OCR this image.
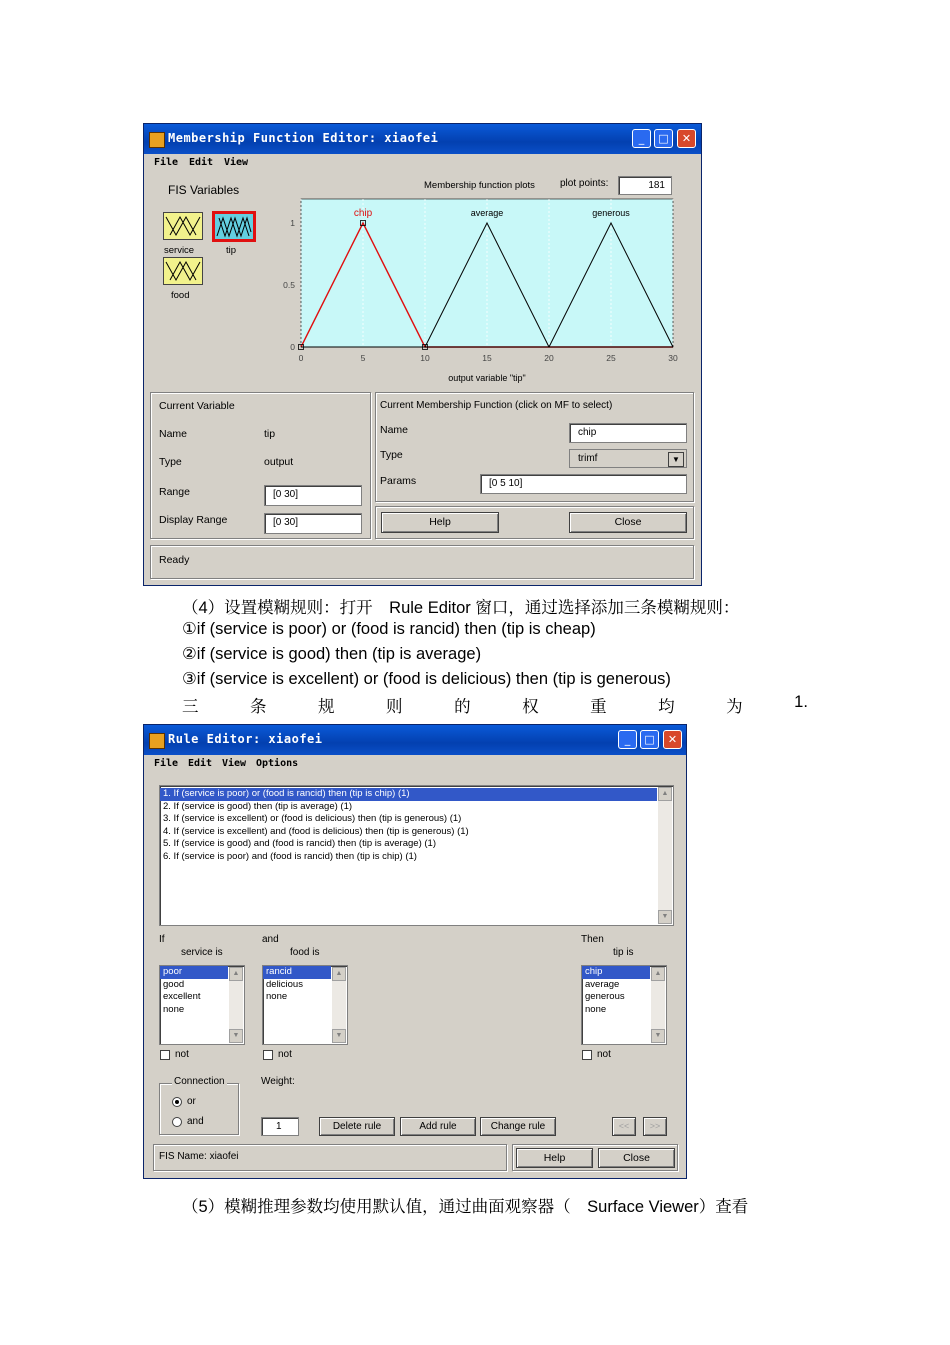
Membership Function Editor: xiaofei	_	□	✕
File Edit View
FIS Variables
service	tip
food
Membership function plots	plot points:	181
0	5	10	15	20	25	30
0
0.5
1
chip	average	generous
output variable "tip"
Current Variable
Name	tip
Type	output
Range	[0 30]
Display Range	[0 30]
Current Membership Function (click on MF to select)
Name	chip
Type	trimf	▼
Params	[0 5 10]
Help	Close
Ready
（4）设置模糊规则：打开　Rule Editor 窗口，通过选择添加三条模糊规则：
①if (service is poor) or (food is rancid) then (tip is cheap)
②if (service is good) then (tip is average)
③if (service is excellent) or (food is delicious) then (tip is generous)
三	条	规	则	的	权	重	均	为	1.
Rule Editor: xiaofei	_	□	✕
File Edit View Options
1. If (service is poor) or (food is rancid) then (tip is chip) (1)
2. If (service is good) then (tip is average) (1)
3. If (service is excellent) or (food is delicious) then (tip is generous) (1)
4. If (service is excellent) and (food is delicious) then (tip is generous) (1)
5. If (service is good) and (food is rancid) then (tip is average) (1)
6. If (service is poor) and (food is rancid) then (tip is chip) (1)
▲
▼
If
service is
poor
good
excellent
none
▲
▼
not
and
food is
rancid
delicious
none
▲
▼
not
Then
tip is
chip
average
generous
none
▲
▼
not
Connection
or
and
Weight:
1	Delete rule	Add rule	Change rule	<<	>>
FIS Name: xiaofei	Help	Close
（5）模糊推理参数均使用默认值，通过曲面观察器（　Surface Viewer）查看
